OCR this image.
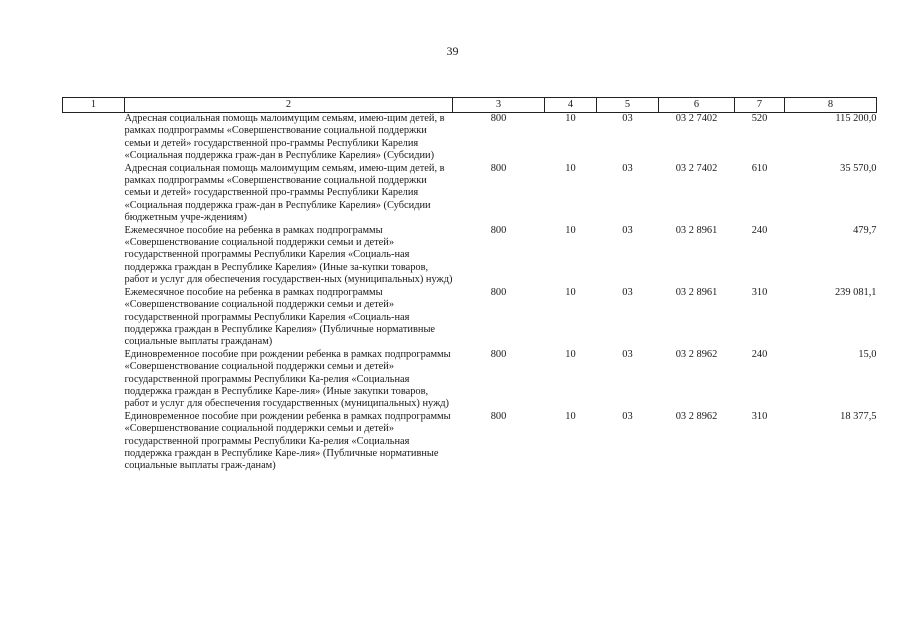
39
1	2	3	4	5	6	7	8
	Адресная социальная помощь малоимущим семьям, имею-щим детей, в рамках подпрограммы «Совершенствование социальной поддержки семьи и детей» государственной про-граммы Республики Карелия «Социальная поддержка граж-дан в Республике Карелия» (Субсидии)	800	10	03	03 2 7402	520	115 200,0
	Адресная социальная помощь малоимущим семьям, имею-щим детей, в рамках подпрограммы «Совершенствование социальной поддержки семьи и детей» государственной про-граммы Республики Карелия «Социальная поддержка граж-дан в Республике Карелия» (Субсидии бюджетным учре-ждениям)	800	10	03	03 2 7402	610	35 570,0
	Ежемесячное пособие на ребенка в рамках подпрограммы «Совершенствование социальной поддержки семьи и детей» государственной программы Республики Карелия «Социаль-ная поддержка граждан в Республике Карелия» (Иные за-купки товаров, работ и услуг для обеспечения государствен-ных (муниципальных) нужд)	800	10	03	03 2 8961	240	479,7
	Ежемесячное пособие на ребенка в рамках подпрограммы «Совершенствование социальной поддержки семьи и детей» государственной программы Республики Карелия «Социаль-ная поддержка граждан в Республике Карелия» (Публичные нормативные социальные выплаты гражданам)	800	10	03	03 2 8961	310	239 081,1
	Единовременное пособие при рождении ребенка в рамках подпрограммы «Совершенствование социальной поддержки семьи и детей» государственной программы Республики Ка-релия «Социальная поддержка граждан в Республике Каре-лия» (Иные закупки товаров, работ и услуг для обеспечения государственных (муниципальных) нужд)	800	10	03	03 2 8962	240	15,0
	Единовременное пособие при рождении ребенка в рамках подпрограммы «Совершенствование социальной поддержки семьи и детей» государственной программы Республики Ка-релия «Социальная поддержка граждан в Республике Каре-лия» (Публичные нормативные социальные выплаты граж-данам)	800	10	03	03 2 8962	310	18 377,5
